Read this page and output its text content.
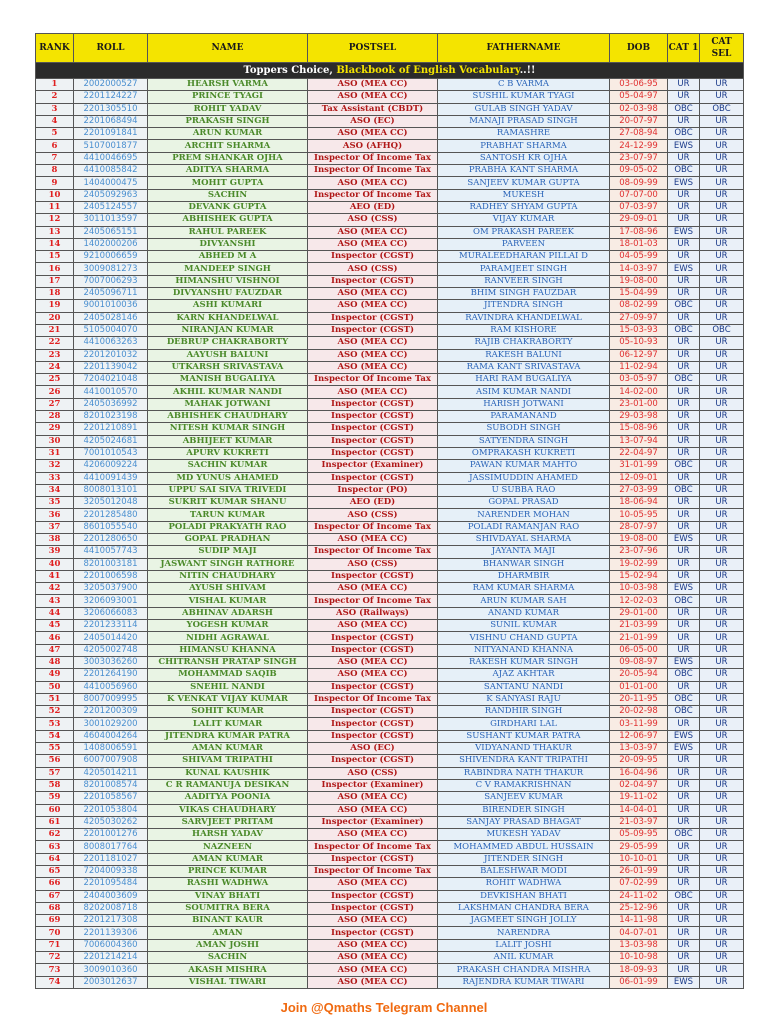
RANK	ROLL	NAME	POSTSEL	FATHERNAME	DOB	CAT 1	CAT SEL
Toppers Choice, Blackbook of English Vocabulary..!!							
1	2002000527	HEARSH VARMA	ASO (MEA CC)	C B VARMA	03-06-95	UR	UR
2	2201124227	PRINCE TYAGI	ASO (MEA CC)	SUSHIL KUMAR TYAGI	05-04-97	UR	UR
3	2201305510	ROHIT YADAV	Tax Assistant (CBDT)	GULAB SINGH YADAV	02-03-98	OBC	OBC
4	2201068494	PRAKASH SINGH	ASO (EC)	MANAJI PRASAD SINGH	20-07-97	UR	UR
5	2201091841	ARUN KUMAR	ASO (MEA CC)	RAMASHRE	27-08-94	OBC	UR
6	5107001877	ARCHIT SHARMA	ASO (AFHQ)	PRABHAT SHARMA	24-12-99	EWS	UR
7	4410046695	PREM SHANKAR OJHA	Inspector Of Income Tax	SANTOSH KR OJHA	23-07-97	UR	UR
8	4410085842	ADITYA SHARMA	Inspector Of Income Tax	PRABHA KANT SHARMA	09-05-02	OBC	UR
9	1404000475	MOHIT GUPTA	ASO (MEA CC)	SANJEEV KUMAR GUPTA	08-09-99	EWS	UR
10	2405092963	SACHIN	Inspector Of Income Tax	MUKESH	07-07-00	UR	UR
11	2405124557	DEVANK GUPTA	AEO (ED)	RADHEY SHYAM GUPTA	07-03-97	UR	UR
12	3011013597	ABHISHEK GUPTA	ASO (CSS)	VIJAY KUMAR	29-09-01	UR	UR
13	2405065151	RAHUL PAREEK	ASO (MEA CC)	OM PRAKASH PAREEK	17-08-96	EWS	UR
14	1402000206	DIVYANSHI	ASO (MEA CC)	PARVEEN	18-01-03	UR	UR
15	9210006659	ABHED M A	Inspector (CGST)	MURALEEDHARAN PILLAI D	04-05-99	UR	UR
16	3009081273	MANDEEP SINGH	ASO (CSS)	PARAMJEET SINGH	14-03-97	EWS	UR
17	7007006293	HIMANSHU VISHNOI	Inspector (CGST)	RANVEER SINGH	19-08-00	UR	UR
18	2405096711	DIVYANSHU FAUZDAR	ASO (MEA CC)	BHIM SINGH FAUZDAR	15-04-99	UR	UR
19	9001010036	ASHI KUMARI	ASO (MEA CC)	JITENDRA SINGH	08-02-99	OBC	UR
20	2405028146	KARN KHANDELWAL	Inspector (CGST)	RAVINDRA KHANDELWAL	27-09-97	UR	UR
21	5105004070	NIRANJAN KUMAR	Inspector (CGST)	RAM KISHORE	15-03-93	OBC	OBC
22	4410063263	DEBRUP CHAKRABORTY	ASO (MEA CC)	RAJIB CHAKRABORTY	05-10-93	UR	UR
23	2201201032	AAYUSH BALUNI	ASO (MEA CC)	RAKESH BALUNI	06-12-97	UR	UR
24	2201139042	UTKARSH SRIVASTAVA	ASO (MEA CC)	RAMA KANT SRIVASTAVA	11-02-94	UR	UR
25	7204021048	MANISH BUGALIYA	Inspector Of Income Tax	HARI RAM BUGALIYA	03-05-97	OBC	UR
26	4410010570	AKHIL KUMAR NANDI	ASO (MEA CC)	ASIM KUMAR NANDI	14-02-00	UR	UR
27	2405036992	MAHAK JOTWANI	Inspector (CGST)	HARISH JOTWANI	23-01-00	UR	UR
28	8201023198	ABHISHEK CHAUDHARY	Inspector (CGST)	PARAMANAND	29-03-98	UR	UR
29	2201210891	NITESH KUMAR SINGH	Inspector (CGST)	SUBODH SINGH	15-08-96	UR	UR
30	4205024681	ABHIJEET KUMAR	Inspector (CGST)	SATYENDRA SINGH	13-07-94	UR	UR
31	7001010543	APURV KUKRETI	Inspector (CGST)	OMPRAKASH KUKRETI	22-04-97	UR	UR
32	4206009224	SACHIN KUMAR	Inspector (Examiner)	PAWAN KUMAR MAHTO	31-01-99	OBC	UR
33	4410091439	MD YUNUS AHAMED	Inspector (CGST)	JASSIMUDDIN AHAMED	12-09-01	UR	UR
34	8008013101	UPPU SAI SIVA TRIVEDI	Inspector (PO)	U SUBBA RAO	27-03-99	OBC	UR
35	3205012048	SUKRIT KUMAR SHANU	AEO (ED)	GOPAL PRASAD	18-06-94	UR	UR
36	2201285480	TARUN KUMAR	ASO (CSS)	NARENDER MOHAN	10-05-95	UR	UR
37	8601055540	POLADI PRAKYATH RAO	Inspector Of Income Tax	POLADI RAMANJAN RAO	28-07-97	UR	UR
38	2201280650	GOPAL PRADHAN	ASO (MEA CC)	SHIVDAYAL SHARMA	19-08-00	EWS	UR
39	4410057743	SUDIP MAJI	Inspector Of Income Tax	JAYANTA MAJI	23-07-96	UR	UR
40	8201003181	JASWANT SINGH RATHORE	ASO (CSS)	BHANWAR SINGH	19-02-99	UR	UR
41	2201006598	NITIN CHAUDHARY	Inspector (CGST)	DHARMBIR	15-02-94	UR	UR
42	3205037900	AYUSH SHIVAM	ASO (MEA CC)	RAM KUMAR SHARMA	10-03-98	EWS	UR
43	3206093001	VISHAL KUMAR	Inspector Of Income Tax	ARUN KUMAR SAH	12-02-03	OBC	UR
44	3206066083	ABHINAV ADARSH	ASO (Railways)	ANAND KUMAR	29-01-00	UR	UR
45	2201233114	YOGESH KUMAR	ASO (MEA CC)	SUNIL KUMAR	21-03-99	UR	UR
46	2405014420	NIDHI AGRAWAL	Inspector (CGST)	VISHNU CHAND GUPTA	21-01-99	UR	UR
47	4205002748	HIMANSU KHANNA	Inspector (CGST)	NITYANAND KHANNA	06-05-00	UR	UR
48	3003036260	CHITRANSH PRATAP SINGH	ASO (MEA CC)	RAKESH KUMAR SINGH	09-08-97	EWS	UR
49	2201264190	MOHAMMAD SAQIB	ASO (MEA CC)	AJAZ AKHTAR	20-05-94	OBC	UR
50	4410056960	SNEHIL NANDI	Inspector (CGST)	SANTANU NANDI	01-01-00	UR	UR
51	8007009995	K VENKAT VIJAY KUMAR	Inspector Of Income Tax	K SANYASI RAJU	20-11-95	OBC	UR
52	2201200309	SOHIT KUMAR	Inspector (CGST)	RANDHIR SINGH	20-02-98	OBC	UR
53	3001029200	LALIT KUMAR	Inspector (CGST)	GIRDHARI LAL	03-11-99	UR	UR
54	4604004264	JITENDRA KUMAR PATRA	Inspector (CGST)	SUSHANT KUMAR PATRA	12-06-97	EWS	UR
55	1408006591	AMAN KUMAR	ASO (EC)	VIDYANAND THAKUR	13-03-97	EWS	UR
56	6007007908	SHIVAM TRIPATHI	Inspector (CGST)	SHIVENDRA KANT TRIPATHI	20-09-95	UR	UR
57	4205014211	KUNAL KAUSHIK	ASO (CSS)	RABINDRA NATH THAKUR	16-04-96	UR	UR
58	8201008574	C R RAMANUJA DESIKAN	Inspector (Examiner)	C V RAMAKRISHNAN	02-04-97	UR	UR
59	2201058567	AADITYA POONIA	ASO (MEA CC)	SANJEEV KUMAR	19-11-02	UR	UR
60	2201053804	VIKAS CHAUDHARY	ASO (MEA CC)	BIRENDER SINGH	14-04-01	UR	UR
61	4205030262	SARVJEET PRITAM	Inspector (Examiner)	SANJAY PRASAD BHAGAT	21-03-97	UR	UR
62	2201001276	HARSH YADAV	ASO (MEA CC)	MUKESH YADAV	05-09-95	OBC	UR
63	8008017764	NAZNEEN	Inspector Of Income Tax	MOHAMMED ABDUL HUSSAIN	29-05-99	UR	UR
64	2201181027	AMAN KUMAR	Inspector (CGST)	JITENDER SINGH	10-10-01	UR	UR
65	7204009338	PRINCE KUMAR	Inspector Of Income Tax	BALESHWAR MODI	26-01-99	UR	UR
66	2201095484	RASHI WADHWA	ASO (MEA CC)	ROHIT WADHWA	07-02-99	UR	UR
67	2404003609	VINAY BHATI	Inspector (CGST)	DEVKISHAN BHATI	24-11-02	OBC	UR
68	8202008718	SOUMITRA BERA	Inspector (CGST)	LAKSHMAN CHANDRA BERA	25-12-96	UR	UR
69	2201217308	BINANT KAUR	ASO (MEA CC)	JAGMEET SINGH JOLLY	14-11-98	UR	UR
70	2201139306	AMAN	Inspector (CGST)	NARENDRA	04-07-01	UR	UR
71	7006004360	AMAN JOSHI	ASO (MEA CC)	LALIT JOSHI	13-03-98	UR	UR
72	2201214214	SACHIN	ASO (MEA CC)	ANIL KUMAR	10-10-98	UR	UR
73	3009010360	AKASH MISHRA	ASO (MEA CC)	PRAKASH CHANDRA MISHRA	18-09-93	UR	UR
74	2003012637	VISHAL TIWARI	ASO (MEA CC)	RAJENDRA KUMAR TIWARI	06-01-99	EWS	UR
Join @Qmaths Telegram Channel
